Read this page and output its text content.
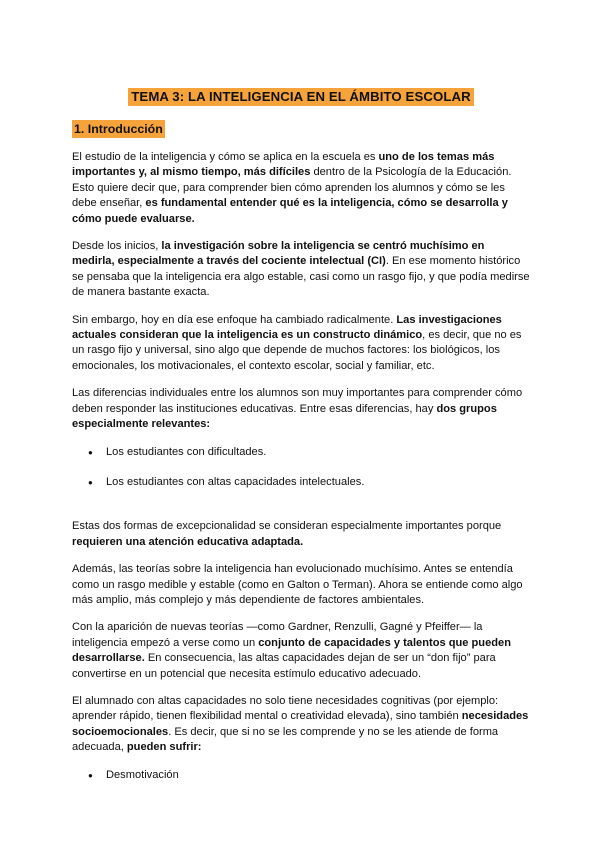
TEMA 3: LA INTELIGENCIA EN EL ÁMBITO ESCOLAR
1. Introducción

El estudio de la inteligencia y cómo se aplica en la escuela es uno de los temas más importantes y, al mismo tiempo, más difíciles dentro de la Psicología de la Educación. Esto quiere decir que, para comprender bien cómo aprenden los alumnos y cómo se les debe enseñar, es fundamental entender qué es la inteligencia, cómo se desarrolla y cómo puede evaluarse.

Desde los inicios, la investigación sobre la inteligencia se centró muchísimo en medirla, especialmente a través del cociente intelectual (CI). En ese momento histórico se pensaba que la inteligencia era algo estable, casi como un rasgo fijo, y que podía medirse de manera bastante exacta.

Sin embargo, hoy en día ese enfoque ha cambiado radicalmente. Las investigaciones actuales consideran que la inteligencia es un constructo dinámico, es decir, que no es un rasgo fijo y universal, sino algo que depende de muchos factores: los biológicos, los emocionales, los motivacionales, el contexto escolar, social y familiar, etc.

Las diferencias individuales entre los alumnos son muy importantes para comprender cómo deben responder las instituciones educativas. Entre esas diferencias, hay dos grupos especialmente relevantes:

● Los estudiantes con dificultades.
● Los estudiantes con altas capacidades intelectuales.

Estas dos formas de excepcionalidad se consideran especialmente importantes porque requieren una atención educativa adaptada.

Además, las teorías sobre la inteligencia han evolucionado muchísimo. Antes se entendía como un rasgo medible y estable (como en Galton o Terman). Ahora se entiende como algo más amplio, más complejo y más dependiente de factores ambientales.

Con la aparición de nuevas teorías —como Gardner, Renzulli, Gagné y Pfeiffer— la inteligencia empezó a verse como un conjunto de capacidades y talentos que pueden desarrollarse. En consecuencia, las altas capacidades dejan de ser un “don fijo” para convertirse en un potencial que necesita estímulo educativo adecuado.

El alumnado con altas capacidades no solo tiene necesidades cognitivas (por ejemplo: aprender rápido, tienen flexibilidad mental o creatividad elevada), sino también necesidades socioemocionales. Es decir, que si no se les comprende y no se les atiende de forma adecuada, pueden sufrir:

● Desmotivación
